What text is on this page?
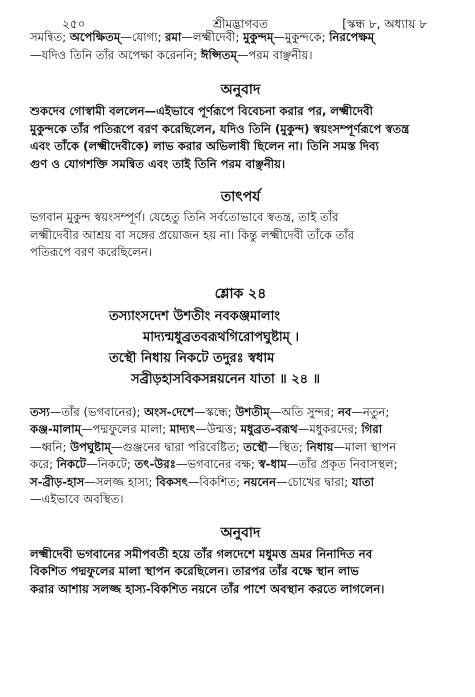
২৫০	শ্রীমদ্ভাগবত	[স্কন্ধ ৮, অধ্যায় ৮

সমন্বিত; অপেক্ষিতম্—যোগ্য; রমা—লক্ষ্মীদেবী; মুকুন্দম্—মুকুন্দকে; নিরপেক্ষম্
—যদিও তিনি তাঁর অপেক্ষা করেননি; ঈপ্সিতম্—পরম বাঞ্ছনীয়।

অনুবাদ

শুকদেব গোস্বামী বললেন—এইভাবে পূর্ণরূপে বিবেচনা করার পর, লক্ষ্মীদেবী
মুকুন্দকে তাঁর পতিরূপে বরণ করেছিলেন, যদিও তিনি (মুকুন্দ) স্বয়ংসম্পূর্ণরূপে স্বতন্ত্র
এবং তাঁকে (লক্ষ্মীদেবীকে) লাভ করার অভিলাষী ছিলেন না। তিনি সমস্ত দিব্য
গুণ ও যোগশক্তি সমন্বিত এবং তাই তিনি পরম বাঞ্ছনীয়।

তাৎপর্য

ভগবান মুকুন্দ স্বয়ংসম্পূর্ণ। যেহেতু তিনি সর্বতোভাবে স্বতন্ত্র, তাই তাঁর
লক্ষ্মীদেবীর আশ্রয় বা সঙ্গের প্রয়োজন হয় না। কিন্তু লক্ষ্মীদেবী তাঁকে তাঁর
পতিরূপে বরণ করেছিলেন।

শ্লোক ২৪

তস্যাংসদেশ উশতীং নবকঞ্জমালাং

মাদ্যন্মধুব্রতবরূথগিরোপঘুষ্টাম্ ।

তস্থৌ নিধায় নিকটে তদুরঃ স্বধাম

সব্রীড়হাসবিকসন্নয়নেন যাতা ॥ ২৪ ॥

তস্য—তাঁর (ভগবানের); অংস-দেশে—স্কন্ধে; উশতীম্—অতি সুন্দর; নব—নতুন;
কঞ্জ-মালাম্—পদ্মফুলের মালা; মাদ্যৎ—উন্মত্ত; মধুব্রত-বরূথ—মধুকরদের; গিরা
—ধ্বনি; উপঘুষ্টাম্—গুঞ্জনের দ্বারা পরিবেষ্টিত; তস্থৌ—স্থিত; নিধায়—মালা স্থাপন
করে; নিকটে—নিকটে; তৎ-উরঃ—ভগবানের বক্ষ; স্ব-ধাম—তাঁর প্রকৃত নিবাসস্থল;
স-ব্রীড়-হাস—সলজ্জ হাস্য; বিকসৎ—বিকশিত; নয়নেন—চোখের দ্বারা; যাতা
—এইভাবে অবস্থিত।

অনুবাদ

লক্ষ্মীদেবী ভগবানের সমীপবর্তী হয়ে তাঁর গলদেশে মধুমত্ত ভ্রমর নিনাদিত নব
বিকশিত পদ্মফুলের মালা স্থাপন করেছিলেন। তারপর তাঁর বক্ষে স্থান লাভ
করার আশায় সলজ্জ হাস্য-বিকশিত নয়নে তাঁর পাশে অবস্থান করতে লাগলেন।
